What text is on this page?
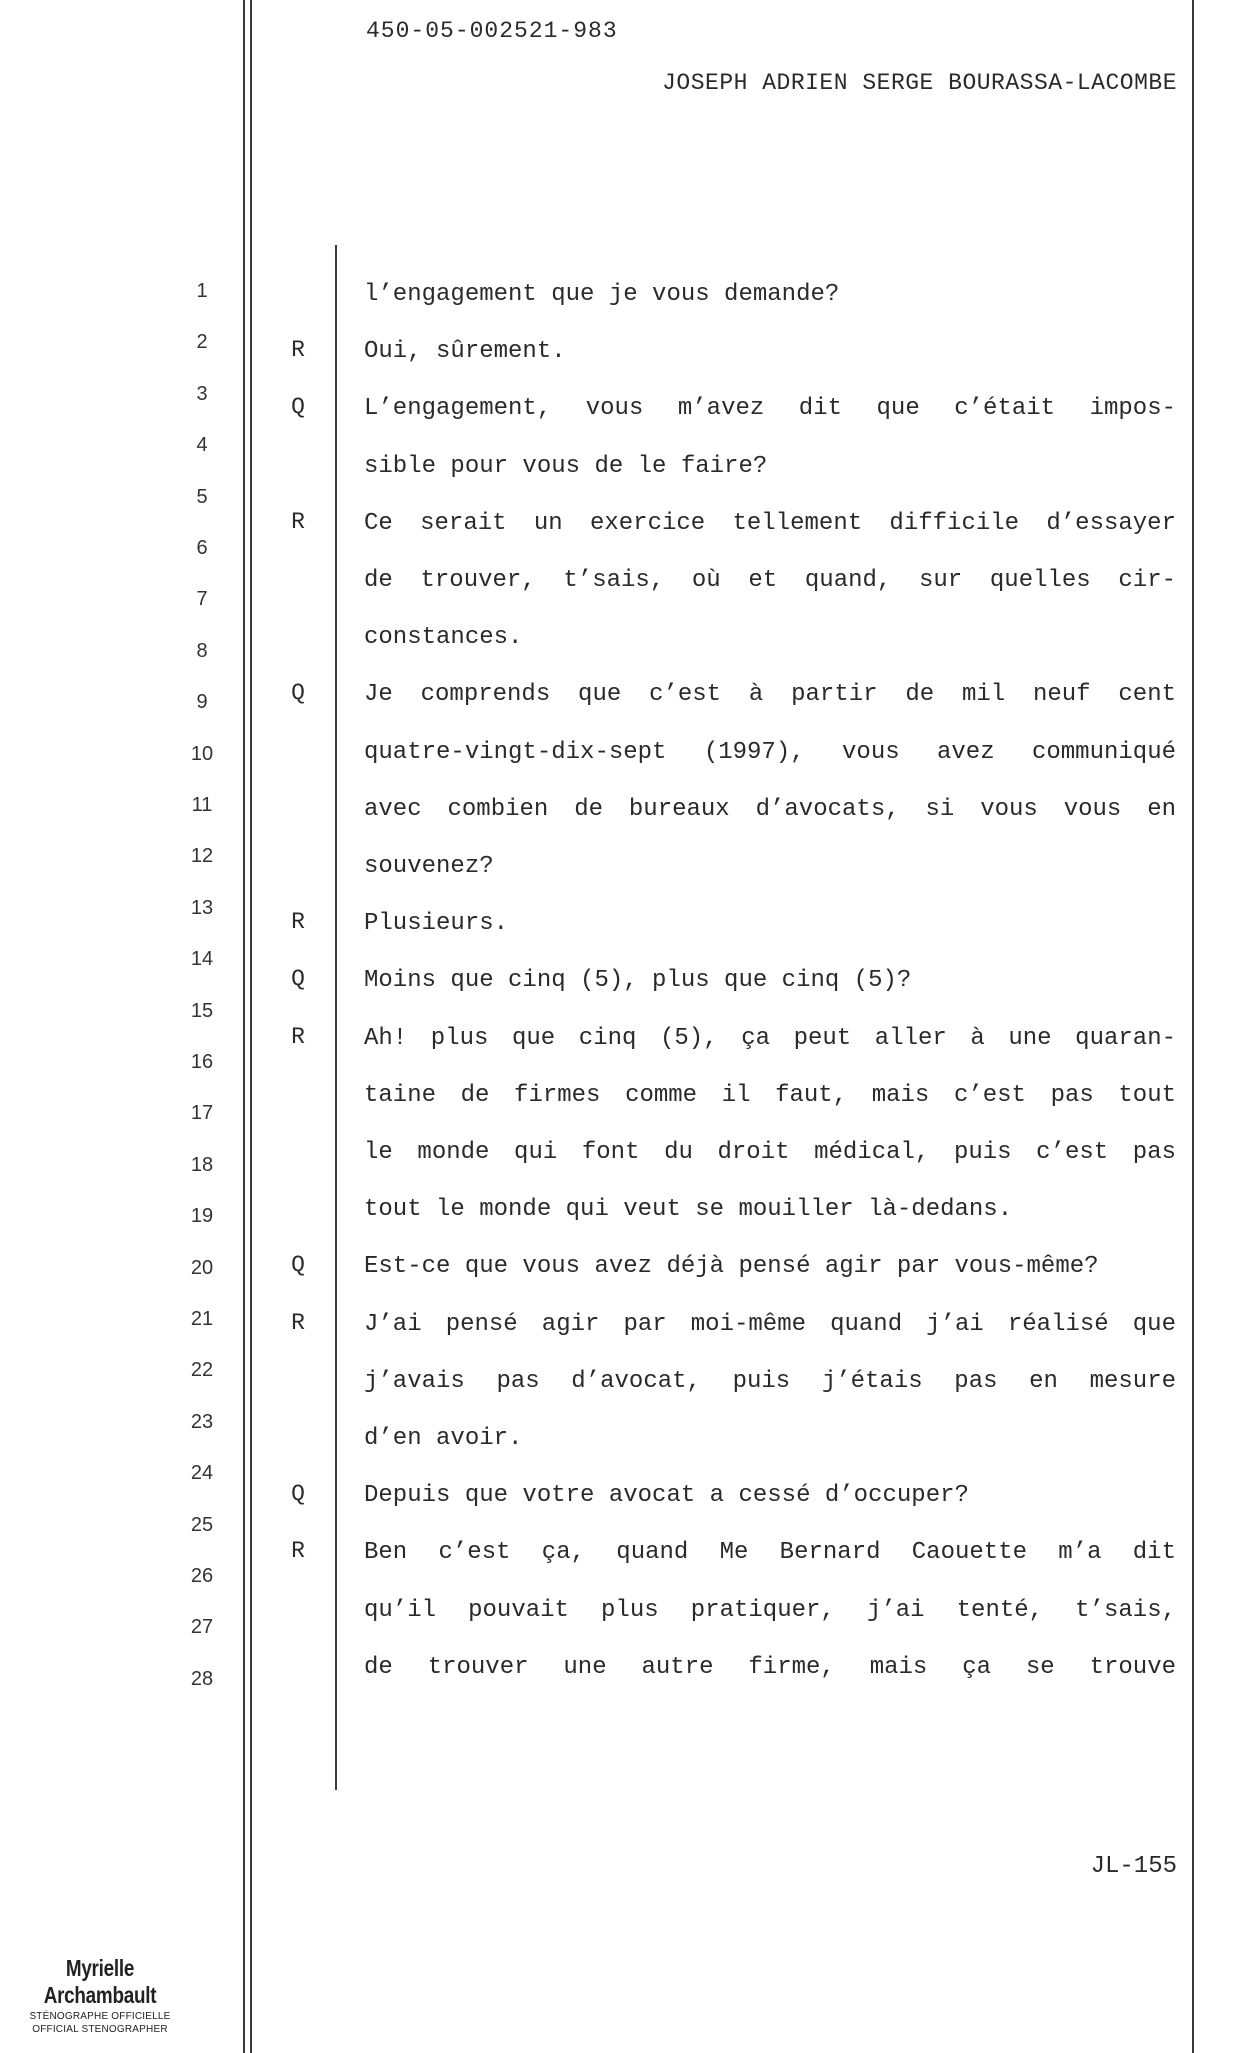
450-05-002521-983
JOSEPH ADRIEN SERGE BOURASSA-LACOMBE
1
2
3
4
5
6
7
8
9
10
11
12
13
14
15
16
17
18
19
20
21
22
23
24
25
26
27
28
l’engagement que je vous demande?
R Oui, sûrement.
Q L’engagement, vous m’avez dit que c’était impos-
sible pour vous de le faire?
R Ce serait un exercice tellement difficile d’essayer
de trouver, t’sais, où et quand, sur quelles cir-
constances.
Q Je comprends que c’est à partir de mil neuf cent
quatre-vingt-dix-sept (1997), vous avez communiqué
avec combien de bureaux d’avocats, si vous vous en
souvenez?
R Plusieurs.
Q Moins que cinq (5), plus que cinq (5)?
R Ah! plus que cinq (5), ça peut aller à une quaran-
taine de firmes comme il faut, mais c’est pas tout
le monde qui font du droit médical, puis c’est pas
tout le monde qui veut se mouiller là-dedans.
Q Est-ce que vous avez déjà pensé agir par vous-même?
R J’ai pensé agir par moi-même quand j’ai réalisé que
j’avais pas d’avocat, puis j’étais pas en mesure
d’en avoir.
Q Depuis que votre avocat a cessé d’occuper?
R Ben c’est ça, quand Me Bernard Caouette m’a dit
qu’il pouvait plus pratiquer, j’ai tenté, t’sais,
de trouver une autre firme, mais ça se trouve
JL-155
Myrielle Archambault
STÉNOGRAPHE OFFICIELLE
OFFICIAL STENOGRAPHER
